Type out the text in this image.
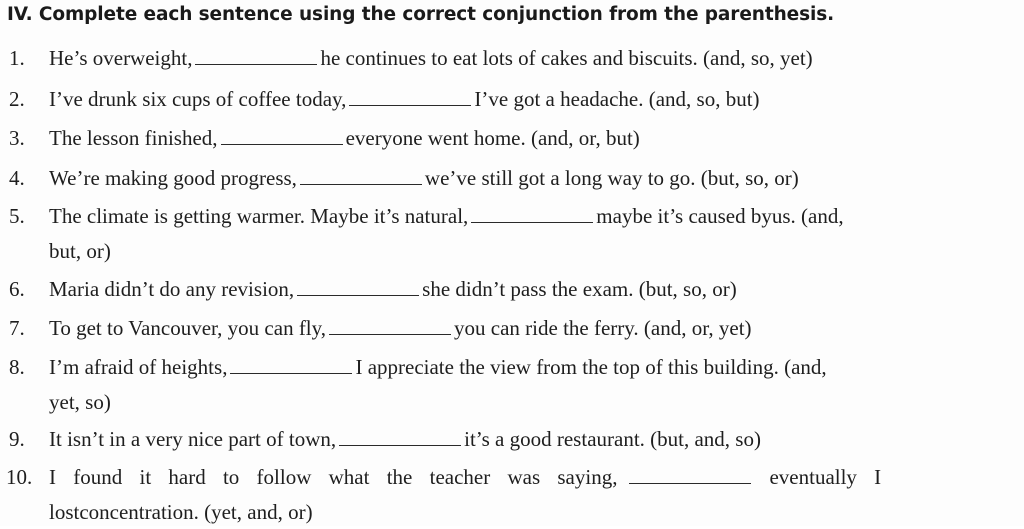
IV. Complete each sentence using the correct conjunction from the parenthesis.
1. He’s overweight,	he continues to eat lots of cakes and biscuits. (and, so, yet)
2. I’ve drunk six cups of coffee today,	I’ve got a headache. (and, so, but)
3. The lesson finished,	everyone went home. (and, or, but)
4. We’re making good progress,	we’ve still got a long way to go. (but, so, or)
5. The climate is getting warmer. Maybe it’s natural,	maybe it’s caused byus. (and,
but, or)
6. Maria didn’t do any revision,	she didn’t pass the exam. (but, so, or)
7. To get to Vancouver, you can fly,	you can ride the ferry. (and, or, yet)
8. I’m afraid of heights,	I appreciate the view from the top of this building. (and,
yet, so)
9. It isn’t in a very nice part of town,	it’s a good restaurant. (but, and, so)
10. I found it hard to follow what the teacher was saying,	eventually I
lostconcentration. (yet, and, or)
